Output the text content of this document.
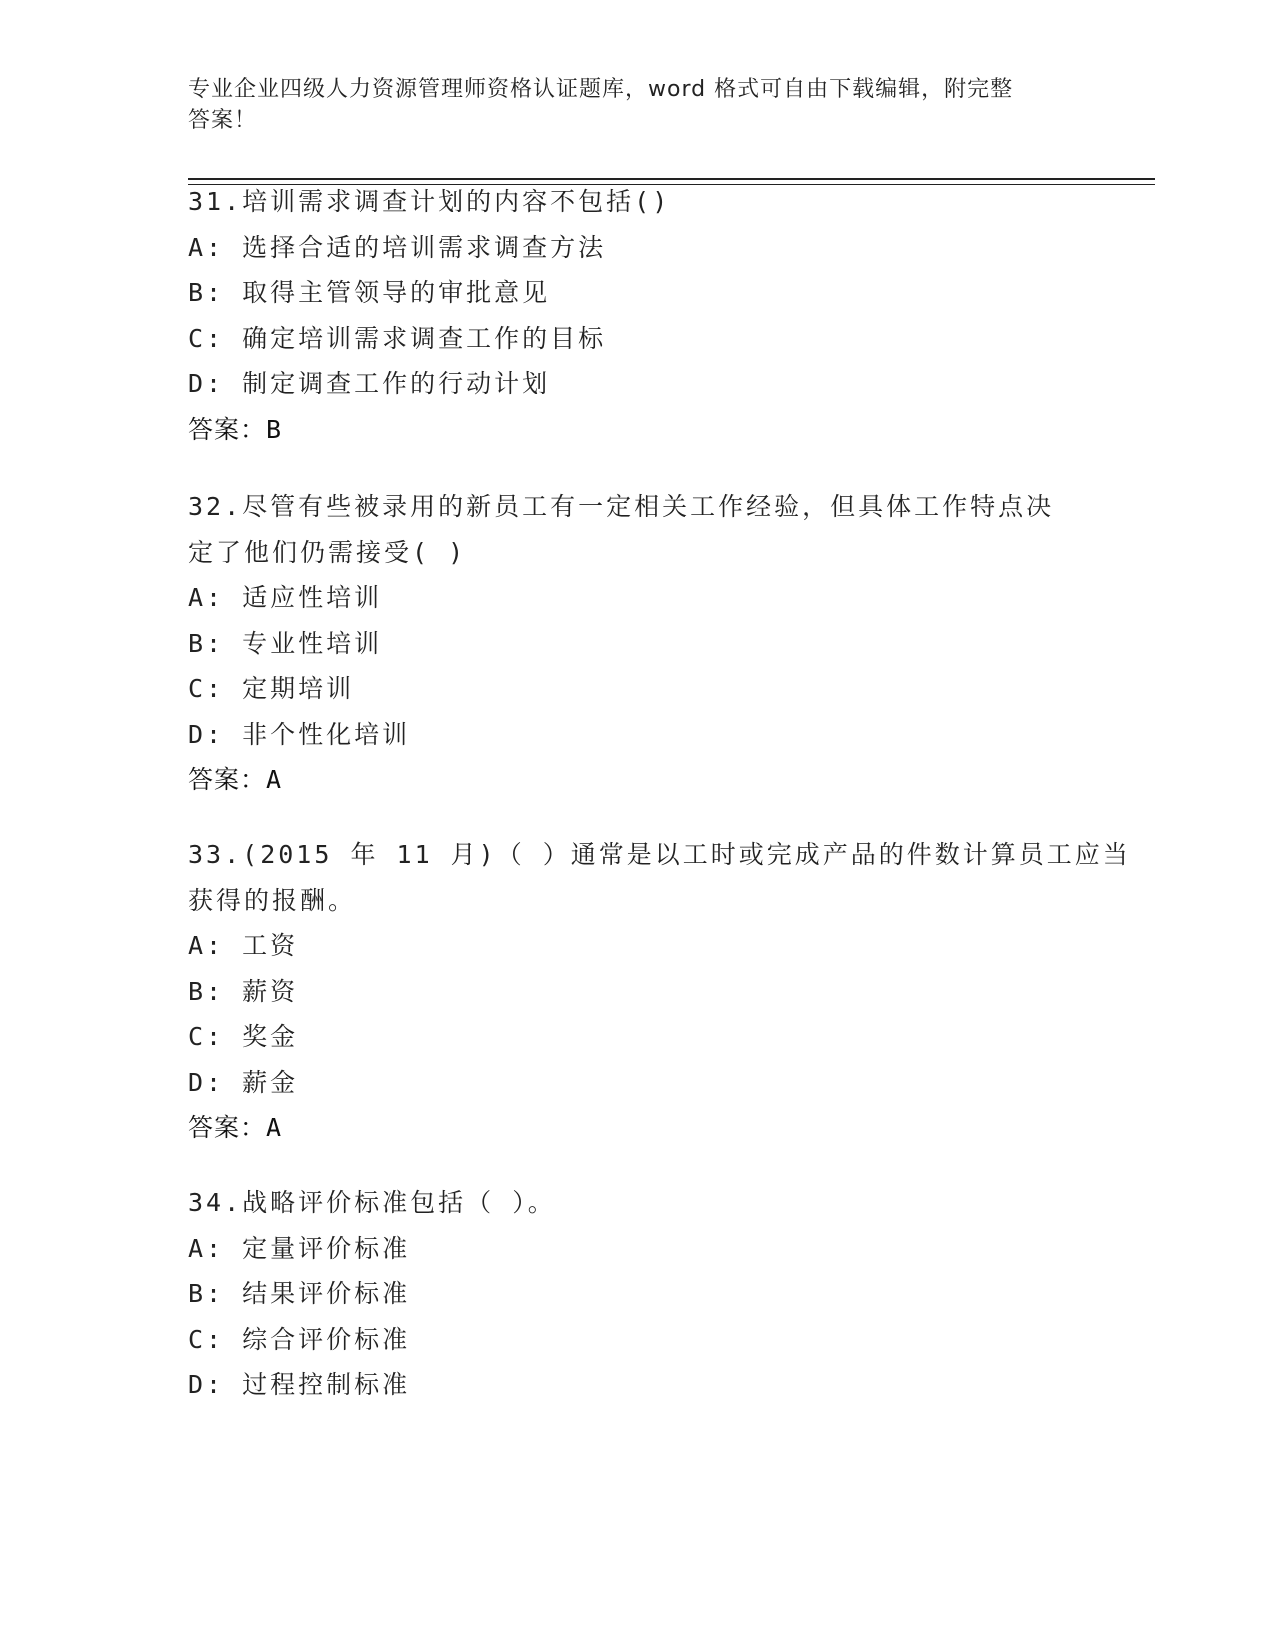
专业企业四级人力资源管理师资格认证题库，word 格式可自由下载编辑，附完整
答案！
31.培训需求调查计划的内容不包括()
A: 选择合适的培训需求调查方法
B: 取得主管领导的审批意见
C: 确定培训需求调查工作的目标
D: 制定调查工作的行动计划
答案：B
32.尽管有些被录用的新员工有一定相关工作经验，但具体工作特点决
定了他们仍需接受( )
A: 适应性培训
B: 专业性培训
C: 定期培训
D: 非个性化培训
答案：A
33.(2015 年 11 月)（ ）通常是以工时或完成产品的件数计算员工应当
获得的报酬。
A: 工资
B: 薪资
C: 奖金
D: 薪金
答案：A
34.战略评价标准包括（ ）。
A: 定量评价标准
B: 结果评价标准
C: 综合评价标准
D: 过程控制标准
